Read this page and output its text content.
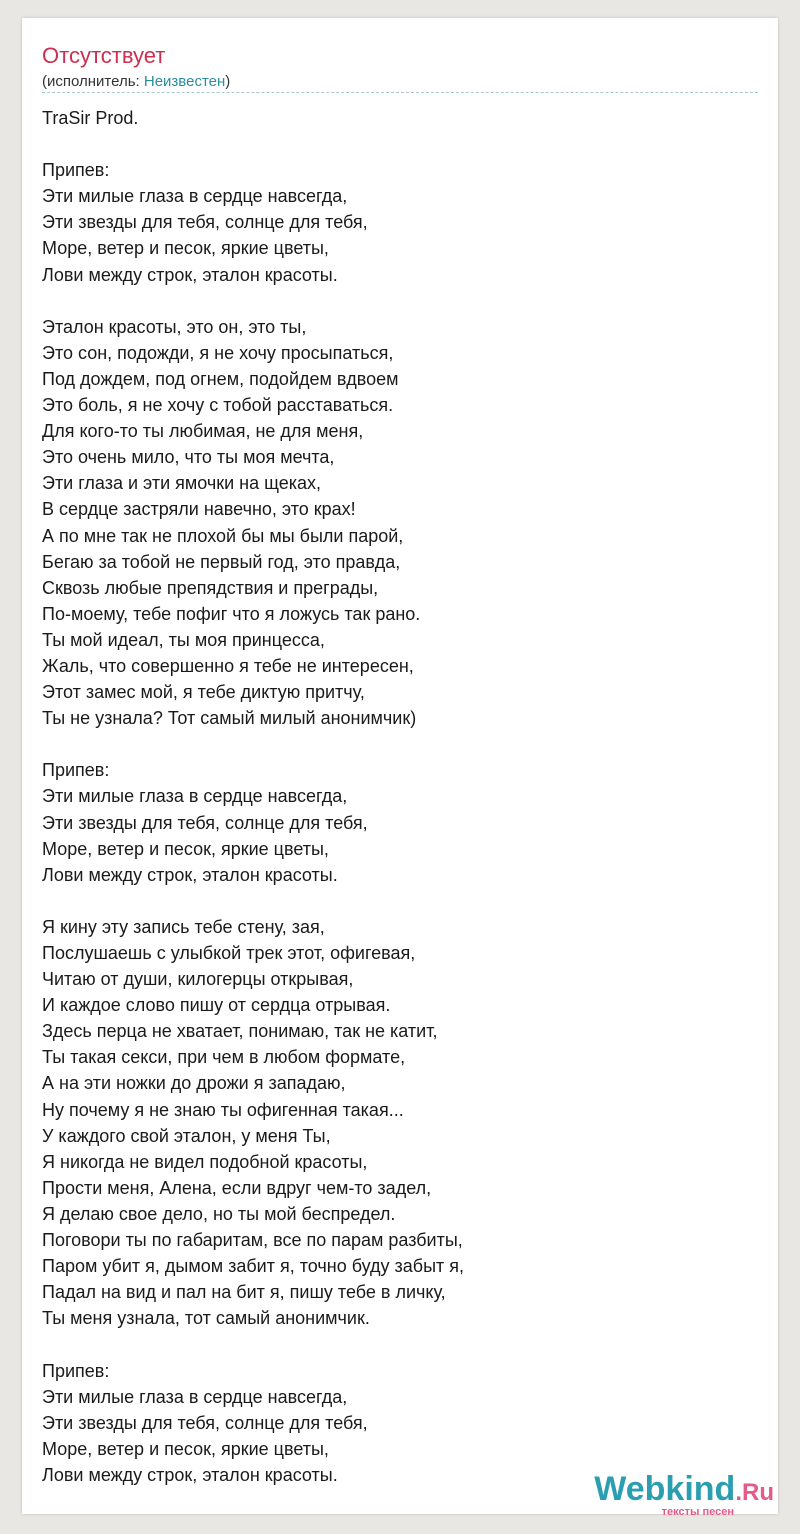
Отсутствует
(исполнитель: Неизвестен)
TraSir Prod.
Припев:
Эти милые глаза в сердце навсегда,
Эти звезды для тебя, солнце для тебя,
Море, ветер и песок, яркие цветы,
Лови между строк, эталон красоты.
Эталон красоты, это он, это ты,
Это сон, подожди, я не хочу просыпаться,
Под дождем, под огнем, подойдем вдвоем
Это боль, я не хочу с тобой расставаться.
Для кого-то ты любимая, не для меня,
Это очень мило, что ты моя мечта,
Эти глаза и эти ямочки на щеках,
В сердце застряли навечно, это крах!
А по мне так не плохой бы мы были парой,
Бегаю за тобой не первый год, это правда,
Сквозь любые препядствия и преграды,
По-моему, тебе пофиг что я ложусь так рано.
Ты мой идеал, ты моя принцесса,
Жаль, что совершенно я тебе не интересен,
Этот замес мой, я тебе диктую притчу,
Ты не узнала? Тот самый милый анонимчик)
Припев:
Эти милые глаза в сердце навсегда,
Эти звезды для тебя, солнце для тебя,
Море, ветер и песок, яркие цветы,
Лови между строк, эталон красоты.
Я кину эту запись тебе стену, зая,
Послушаешь с улыбкой трек этот, офигевая,
Читаю от души, килогерцы открывая,
И каждое слово пишу от сердца отрывая.
Здесь перца не хватает, понимаю, так не катит,
Ты такая секси, при чем в любом формате,
А на эти ножки до дрожи я западаю,
Ну почему я не знаю ты офигенная такая...
У каждого свой эталон, у меня Ты,
Я никогда не видел подобной красоты,
Прости меня, Алена, если вдруг чем-то задел,
Я делаю свое дело, но ты мой беспредел.
Поговори ты по габаритам, все по парам разбиты,
Паром убит я, дымом забит я, точно буду забыт я,
Падал на вид и пал на бит я, пишу тебе в личку,
Ты меня узнала, тот самый анонимчик.
Припев:
Эти милые глаза в сердце навсегда,
Эти звезды для тебя, солнце для тебя,
Море, ветер и песок, яркие цветы,
Лови между строк, эталон красоты.	Webkind.Ru
тексты песен
